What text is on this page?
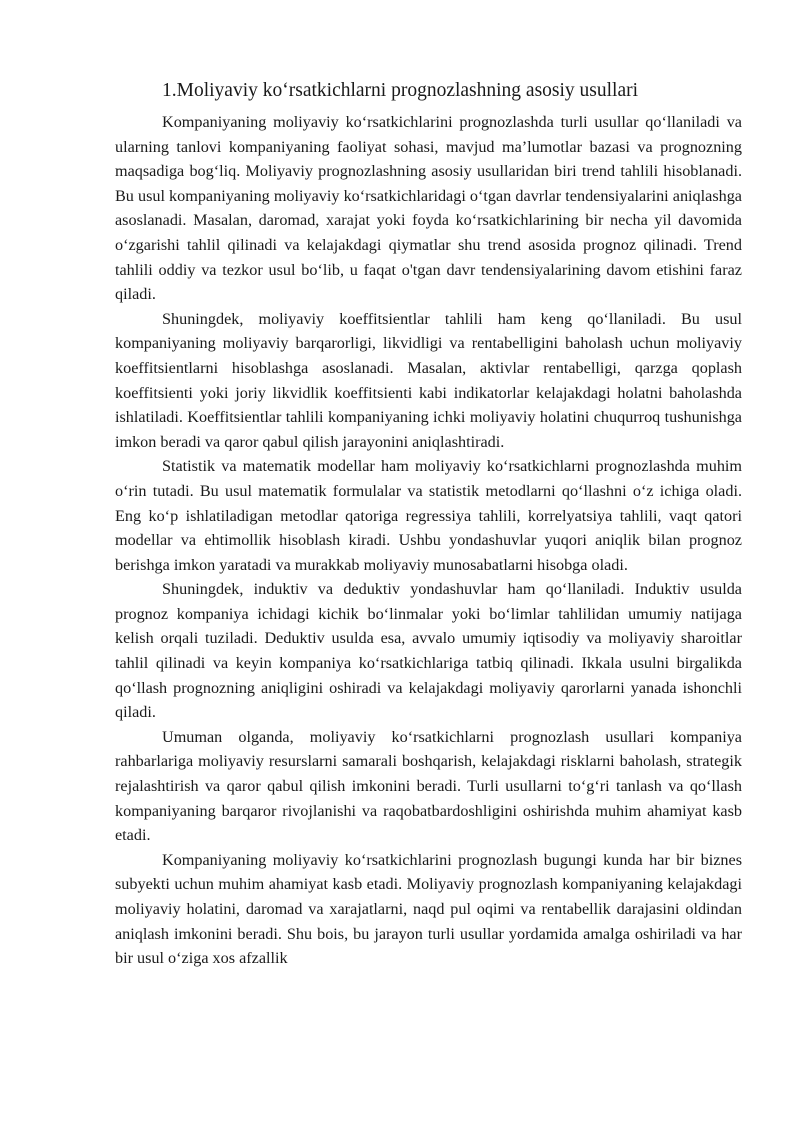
1.Moliyaviy ko‘rsatkichlarni prognozlashning asosiy usullari

Kompaniyaning moliyaviy ko‘rsatkichlarini prognozlashda turli usullar qo‘llaniladi va ularning tanlovi kompaniyaning faoliyat sohasi, mavjud ma’lumotlar bazasi va prognozning maqsadiga bog‘liq. Moliyaviy prognozlashning asosiy usullaridan biri trend tahlili hisoblanadi. Bu usul kompaniyaning moliyaviy ko‘rsatkichlaridagi o‘tgan davrlar tendensiyalarini aniqlashga asoslanadi. Masalan, daromad, xarajat yoki foyda ko‘rsatkichlarining bir necha yil davomida o‘zgarishi tahlil qilinadi va kelajakdagi qiymatlar shu trend asosida prognoz qilinadi. Trend tahlili oddiy va tezkor usul bo‘lib, u faqat o'tgan davr tendensiyalarining davom etishini faraz qiladi.

Shuningdek, moliyaviy koeffitsientlar tahlili ham keng qo‘llaniladi. Bu usul kompaniyaning moliyaviy barqarorligi, likvidligi va rentabelligini baholash uchun moliyaviy koeffitsientlarni hisoblashga asoslanadi. Masalan, aktivlar rentabelligi, qarzga qoplash koeffitsienti yoki joriy likvidlik koeffitsienti kabi indikatorlar kelajakdagi holatni baholashda ishlatiladi. Koeffitsientlar tahlili kompaniyaning ichki moliyaviy holatini chuqurroq tushunishga imkon beradi va qaror qabul qilish jarayonini aniqlashtiradi.

Statistik va matematik modellar ham moliyaviy ko‘rsatkichlarni prognozlashda muhim o‘rin tutadi. Bu usul matematik formulalar va statistik metodlarni qo‘llashni o‘z ichiga oladi. Eng ko‘p ishlatiladigan metodlar qatoriga regressiya tahlili, korrelyatsiya tahlili, vaqt qatori modellar va ehtimollik hisoblash kiradi. Ushbu yondashuvlar yuqori aniqlik bilan prognoz berishga imkon yaratadi va murakkab moliyaviy munosabatlarni hisobga oladi.

Shuningdek, induktiv va deduktiv yondashuvlar ham qo‘llaniladi. Induktiv usulda prognoz kompaniya ichidagi kichik bo‘linmalar yoki bo‘limlar tahlilidan umumiy natijaga kelish orqali tuziladi. Deduktiv usulda esa, avvalo umumiy iqtisodiy va moliyaviy sharoitlar tahlil qilinadi va keyin kompaniya ko‘rsatkichlariga tatbiq qilinadi. Ikkala usulni birgalikda qo‘llash prognozning aniqligini oshiradi va kelajakdagi moliyaviy qarorlarni yanada ishonchli qiladi.

Umuman olganda, moliyaviy ko‘rsatkichlarni prognozlash usullari kompaniya rahbarlariga moliyaviy resurslarni samarali boshqarish, kelajakdagi risklarni baholash, strategik rejalashtirish va qaror qabul qilish imkonini beradi. Turli usullarni to‘g‘ri tanlash va qo‘llash kompaniyaning barqaror rivojlanishi va raqobatbardoshligini oshirishda muhim ahamiyat kasb etadi.

Kompaniyaning moliyaviy ko‘rsatkichlarini prognozlash bugungi kunda har bir biznes subyekti uchun muhim ahamiyat kasb etadi. Moliyaviy prognozlash kompaniyaning kelajakdagi moliyaviy holatini, daromad va xarajatlarni, naqd pul oqimi va rentabellik darajasini oldindan aniqlash imkonini beradi. Shu bois, bu jarayon turli usullar yordamida amalga oshiriladi va har bir usul o‘ziga xos afzallik
